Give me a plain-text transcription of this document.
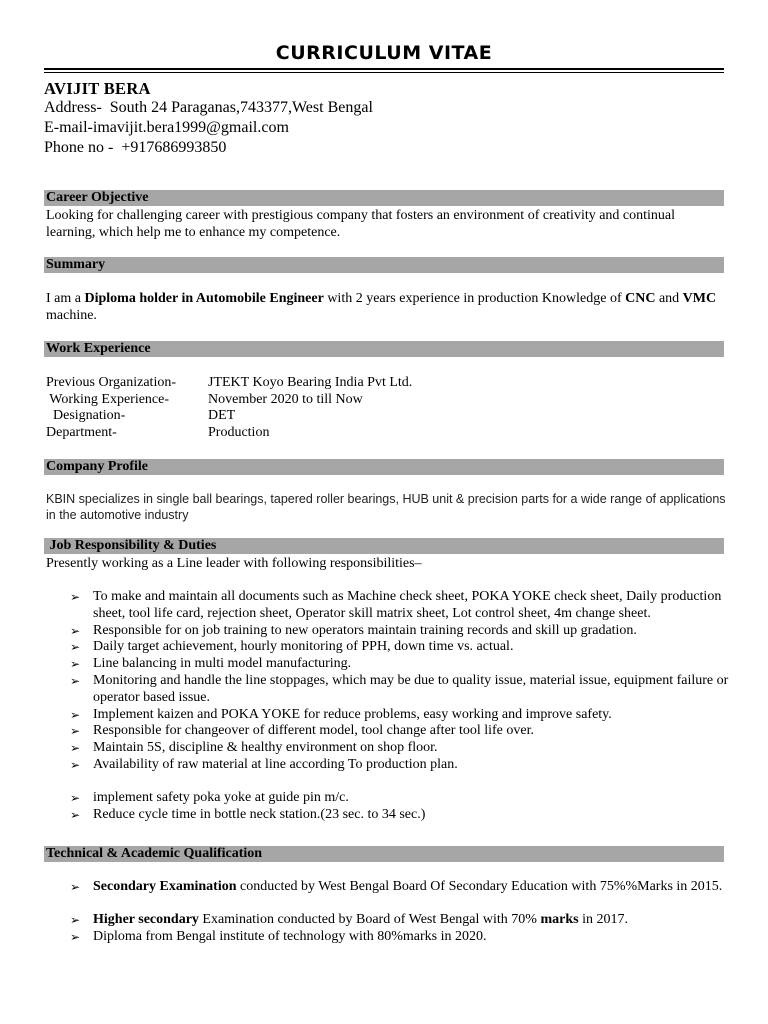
CURRICULUM VITAE
AVIJIT BERA
Address-  South 24 Paraganas,743377,West Bengal
E-mail-imavijit.bera1999@gmail.com
Phone no -  +917686993850
Career Objective
Looking for challenging career with prestigious company that fosters an environment of creativity and continual learning, which help me to enhance my competence.
Summary
I am a Diploma holder in Automobile Engineer with 2 years experience in production Knowledge of CNC and VMC machine.
Work Experience
Previous Organization- JTEKT Koyo Bearing India Pvt Ltd.
Working Experience-	November 2020 to till Now
Designation-	DET
Department-	Production
Company Profile
KBIN specializes in single ball bearings, tapered roller bearings, HUB unit & precision parts for a wide range of applications in the automotive industry
Job Responsibility & Duties
Presently working as a Line leader with following responsibilities–
➢ To make and maintain all documents such as Machine check sheet, POKA YOKE check sheet, Daily production sheet, tool life card, rejection sheet, Operator skill matrix sheet, Lot control sheet, 4m change sheet.
➢ Responsible for on job training to new operators maintain training records and skill up gradation.
➢ Daily target achievement, hourly monitoring of PPH, down time vs. actual.
➢ Line balancing in multi model manufacturing.
➢ Monitoring and handle the line stoppages, which may be due to quality issue, material issue, equipment failure or operator based issue.
➢ Implement kaizen and POKA YOKE for reduce problems, easy working and improve safety.
➢ Responsible for changeover of different model, tool change after tool life over.
➢ Maintain 5S, discipline & healthy environment on shop floor.
➢ Availability of raw material at line according To production plan.
➢ implement safety poka yoke at guide pin m/c.
➢ Reduce cycle time in bottle neck station.(23 sec. to 34 sec.)
Technical & Academic Qualification
➢ Secondary Examination conducted by West Bengal Board Of Secondary Education with 75%%Marks in 2015.
➢ Higher secondary Examination conducted by Board of West Bengal with 70% marks in 2017.
➢ Diploma from Bengal institute of technology with 80%marks in 2020.
